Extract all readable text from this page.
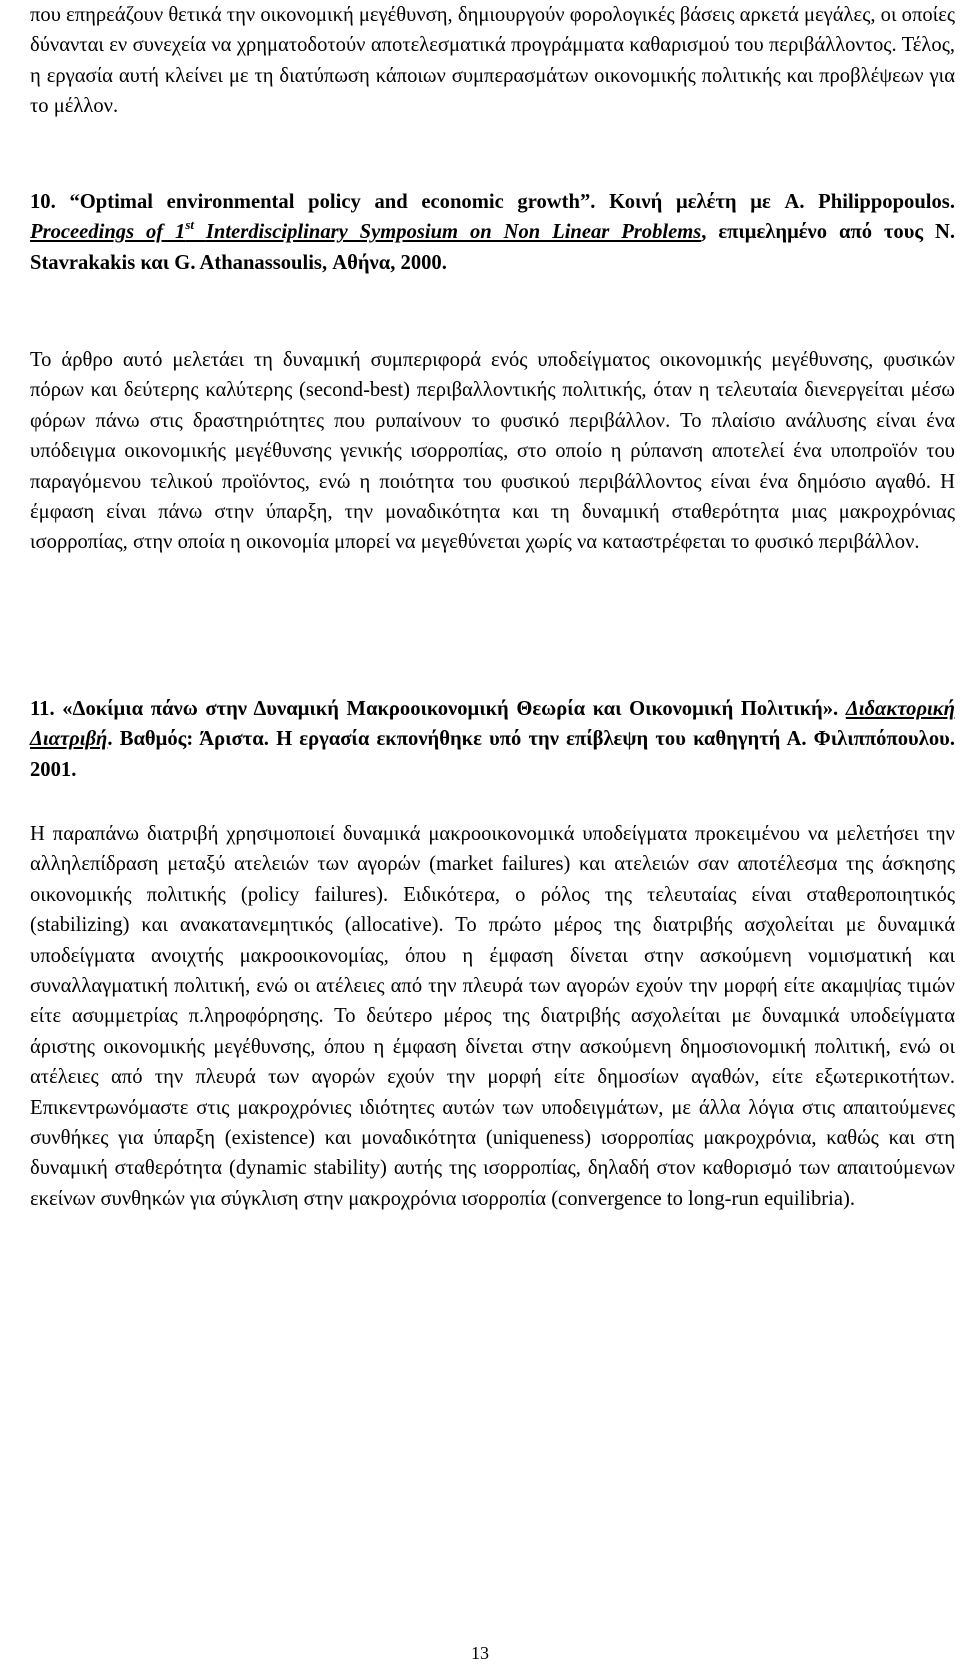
που επηρεάζουν θετικά την οικονομική μεγέθυνση, δημιουργούν φορολογικές βάσεις αρκετά μεγάλες, οι οποίες δύνανται εν συνεχεία να χρηματοδοτούν αποτελεσματικά προγράμματα καθαρισμού του περιβάλλοντος. Τέλος, η εργασία αυτή κλείνει με τη διατύπωση κάποιων συμπερασμάτων οικονομικής πολιτικής και προβλέψεων για το μέλλον.

10. “Optimal environmental policy and economic growth”. Κοινή μελέτη με A. Philippopoulos. Proceedings of 1st Interdisciplinary Symposium on Non Linear Problems, επιμελημένο από τους N. Stavrakakis και G. Athanassoulis, Αθήνα, 2000.

Το άρθρο αυτό μελετάει τη δυναμική συμπεριφορά ενός υποδείγματος οικονομικής μεγέθυνσης, φυσικών πόρων και δεύτερης καλύτερης (second-best) περιβαλλοντικής πολιτικής, όταν η τελευταία διενεργείται μέσω φόρων πάνω στις δραστηριότητες που ρυπαίνουν το φυσικό περιβάλλον. Το πλαίσιο ανάλυσης είναι ένα υπόδειγμα οικονομικής μεγέθυνσης γενικής ισορροπίας, στο οποίο η ρύπανση αποτελεί ένα υποπροϊόν του παραγόμενου τελικού προϊόντος, ενώ η ποιότητα του φυσικού περιβάλλοντος είναι ένα δημόσιο αγαθό. Η έμφαση είναι πάνω στην ύπαρξη, την μοναδικότητα και τη δυναμική σταθερότητα μιας μακροχρόνιας ισορροπίας, στην οποία η οικονομία μπορεί να μεγεθύνεται χωρίς να καταστρέφεται το φυσικό περιβάλλον.

11. «Δοκίμια πάνω στην Δυναμική Μακροοικονομική Θεωρία και Οικονομική Πολιτική». Διδακτορική Διατριβή. Βαθμός: Άριστα. Η εργασία εκπονήθηκε υπό την επίβλεψη του καθηγητή Α. Φιλιππόπουλου. 2001.

Η παραπάνω διατριβή χρησιμοποιεί δυναμικά μακροοικονομικά υποδείγματα προκειμένου να μελετήσει την αλληλεπίδραση μεταξύ ατελειών των αγορών (market failures) και ατελειών σαν αποτέλεσμα της άσκησης οικονομικής πολιτικής (policy failures). Ειδικότερα, ο ρόλος της τελευταίας είναι σταθεροποιητικός (stabilizing) και ανακατανεμητικός (allocative). Το πρώτο μέρος της διατριβής ασχολείται με δυναμικά υποδείγματα ανοιχτής μακροοικονομίας, όπου η έμφαση δίνεται στην ασκούμενη νομισματική και συναλλαγματική πολιτική, ενώ οι ατέλειες από την πλευρά των αγορών εχούν την μορφή είτε ακαμψίας τιμών είτε ασυμμετρίας π.ληροφόρησης. Το δεύτερο μέρος της διατριβής ασχολείται με δυναμικά υποδείγματα άριστης οικονομικής μεγέθυνσης, όπου η έμφαση δίνεται στην ασκούμενη δημοσιονομική πολιτική, ενώ οι ατέλειες από την πλευρά των αγορών εχούν την μορφή είτε δημοσίων αγαθών, είτε εξωτερικοτήτων. Επικεντρωνόμαστε στις μακροχρόνιες ιδιότητες αυτών των υποδειγμάτων, με άλλα λόγια στις απαιτούμενες συνθήκες για ύπαρξη (existence) και μοναδικότητα (uniqueness) ισορροπίας μακροχρόνια, καθώς και στη δυναμική σταθερότητα (dynamic stability) αυτής της ισορροπίας, δηλαδή στον καθορισμό των απαιτούμενων εκείνων συνθηκών για σύγκλιση στην μακροχρόνια ισορροπία (convergence to long-run equilibria).

13
